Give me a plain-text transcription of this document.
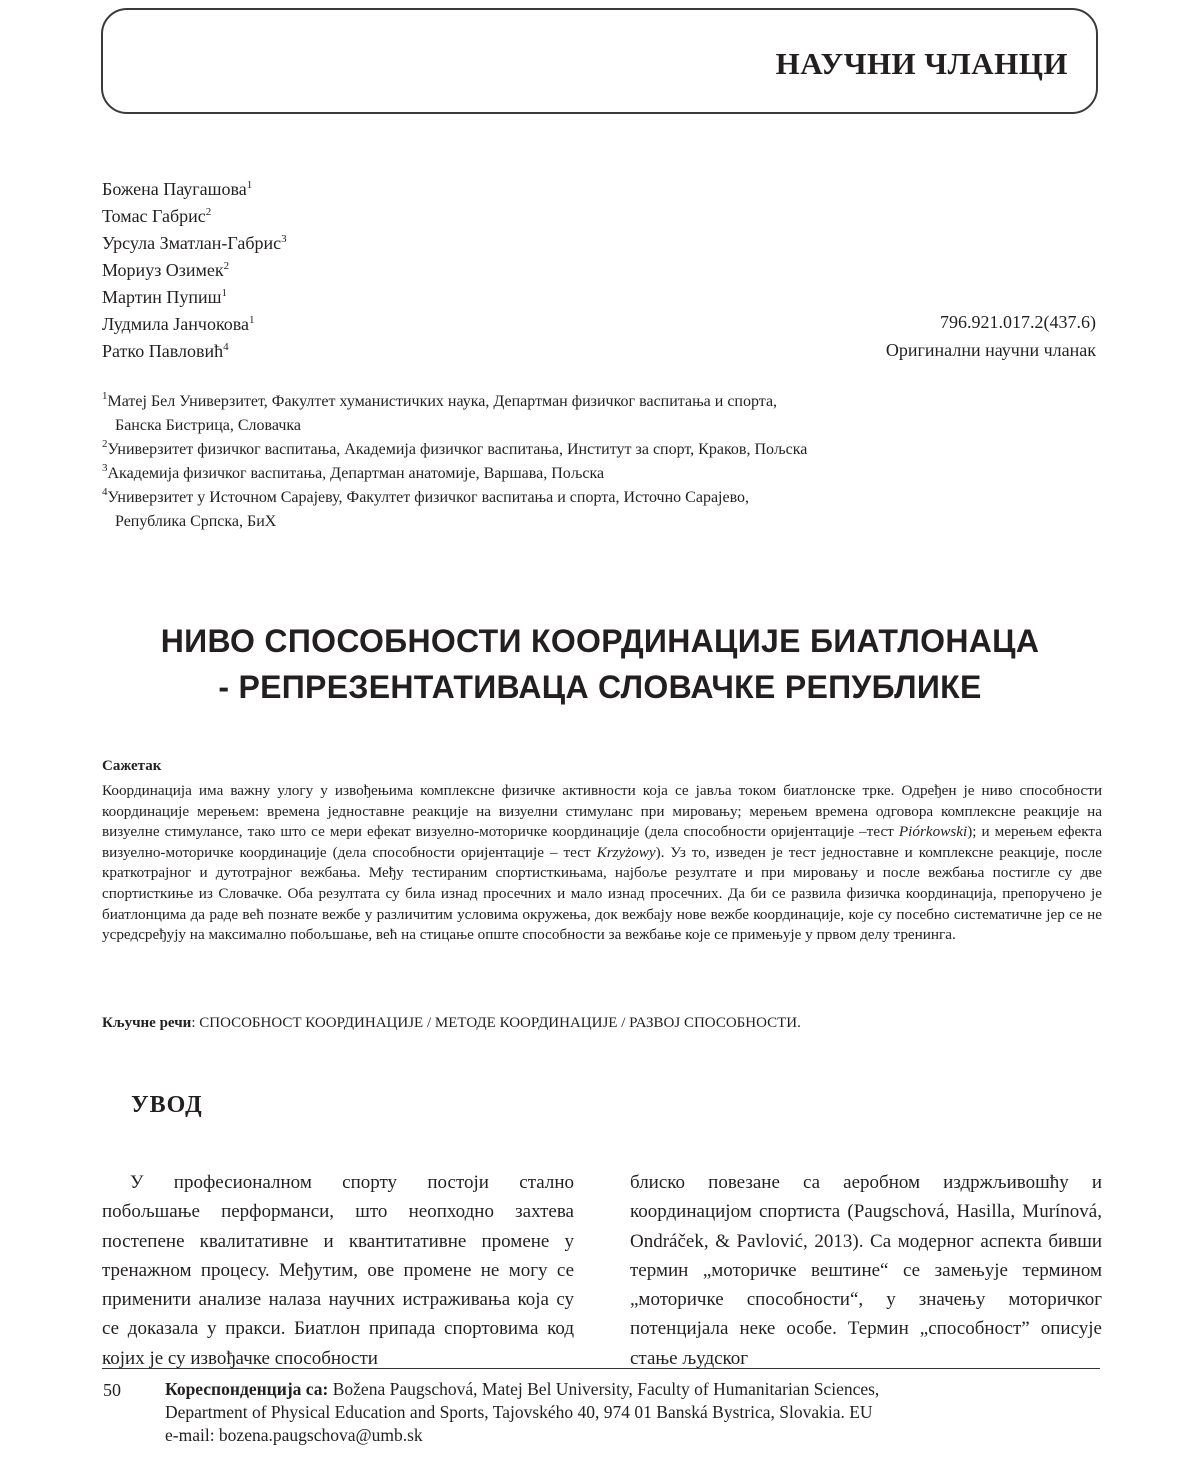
НАУЧНИ ЧЛАНЦИ
Божена Паугашова$^1$
Томас Габрис$^2$
Урсула Зматлан-Габрис$^3$
Мориуз Озимек$^2$
Мартин Пупиш$^1$
Лудмила Јанчокова$^1$
Ратко Павловић$^4$
796.921.017.2(437.6)
Оригинални научни чланак
$^1$Матеј Бел Универзитет, Факултет хуманистичких наука, Департман физичког васпитања и спорта,
Банска Бистрица, Словачка
$^2$Универзитет физичког васпитања, Академија физичког васпитања, Институт за спорт, Краков, Пољска
$^3$Академија физичког васпитања, Департман анатомије, Варшава, Пољска
$^4$Универзитет у Источном Сарајеву, Факултет физичког васпитања и спорта, Источно Сарајево,
Република Српска, БиХ
НИВО СПОСОБНОСТИ КООРДИНАЦИЈЕ БИАТЛОНАЦА
- РЕПРЕЗЕНТАТИВАЦА СЛОВАЧКЕ РЕПУБЛИКЕ
Сажетак
Координација има важну улогу у извођењима комплексне физичке активности која се јавља током биатлонске трке. Одређен је ниво способности координације мерењем: времена једноставне реакције на визуелни стимуланс при мировању; мерењем времена одговора комплексне реакције на визуелне стимулансе, тако што се мери ефекат визуелно-моторичке координације (дела способности оријентације –тест Piórkowski); и мерењем ефекта визуелно-моторичке координације (дела способности оријентације – тест Krzyżowy). Уз то, изведен је тест једноставне и комплексне реакције, после краткотрајног и дутотрајног вежбања. Међу тестираним спортисткињама, најбоље резултате и при мировању и после вежбања постигле су две спортисткиње из Словачке. Оба резултата су била изнад просечних и мало изнад просечних. Да би се развила физичка координација, препоручено је биатлонцима да раде већ познате вежбе у различитим условима окружења, док вежбају нове вежбе координације, које су посебно систематичне јер се не усредсређују на максимално побољшање, већ на стицање опште способности за вежбање које се примењује у првом делу тренинга.
Кључне речи: СПОСОБНОСТ КООРДИНАЦИЈЕ / МЕТОДЕ КООРДИНАЦИЈЕ / РАЗВОЈ СПОСОБНОСТИ.
УВОД
У професионалном спорту постоји стално побољшање перформанси, што неопходно захтева постепене квалитативне и квантитативне промене у тренажном процесу. Међутим, ове промене не могу се применити анализе налаза научних истраживања која су се доказала у пракси. Биатлон припада спортовима код којих је су извођачке способности
блиско повезане са аеробном издржљивошћу и координацијом спортиста (Paugschová, Hasilla, Murínová, Ondráček, & Pavlović, 2013). Са модерног аспекта бивши термин „моторичке вештине“ се замењује термином „моторичке способности“, у значењу моторичког потенцијала неке особе. Термин „способност” описује стање људског
50	Кореспонденција са: Božena Paugschová, Matej Bel University, Faculty of Humanitarian Sciences,
Department of Physical Education and Sports, Tajovského 40, 974 01 Banská Bystrica, Slovakia. EU
e-mail: bozena.paugschova@umb.sk
